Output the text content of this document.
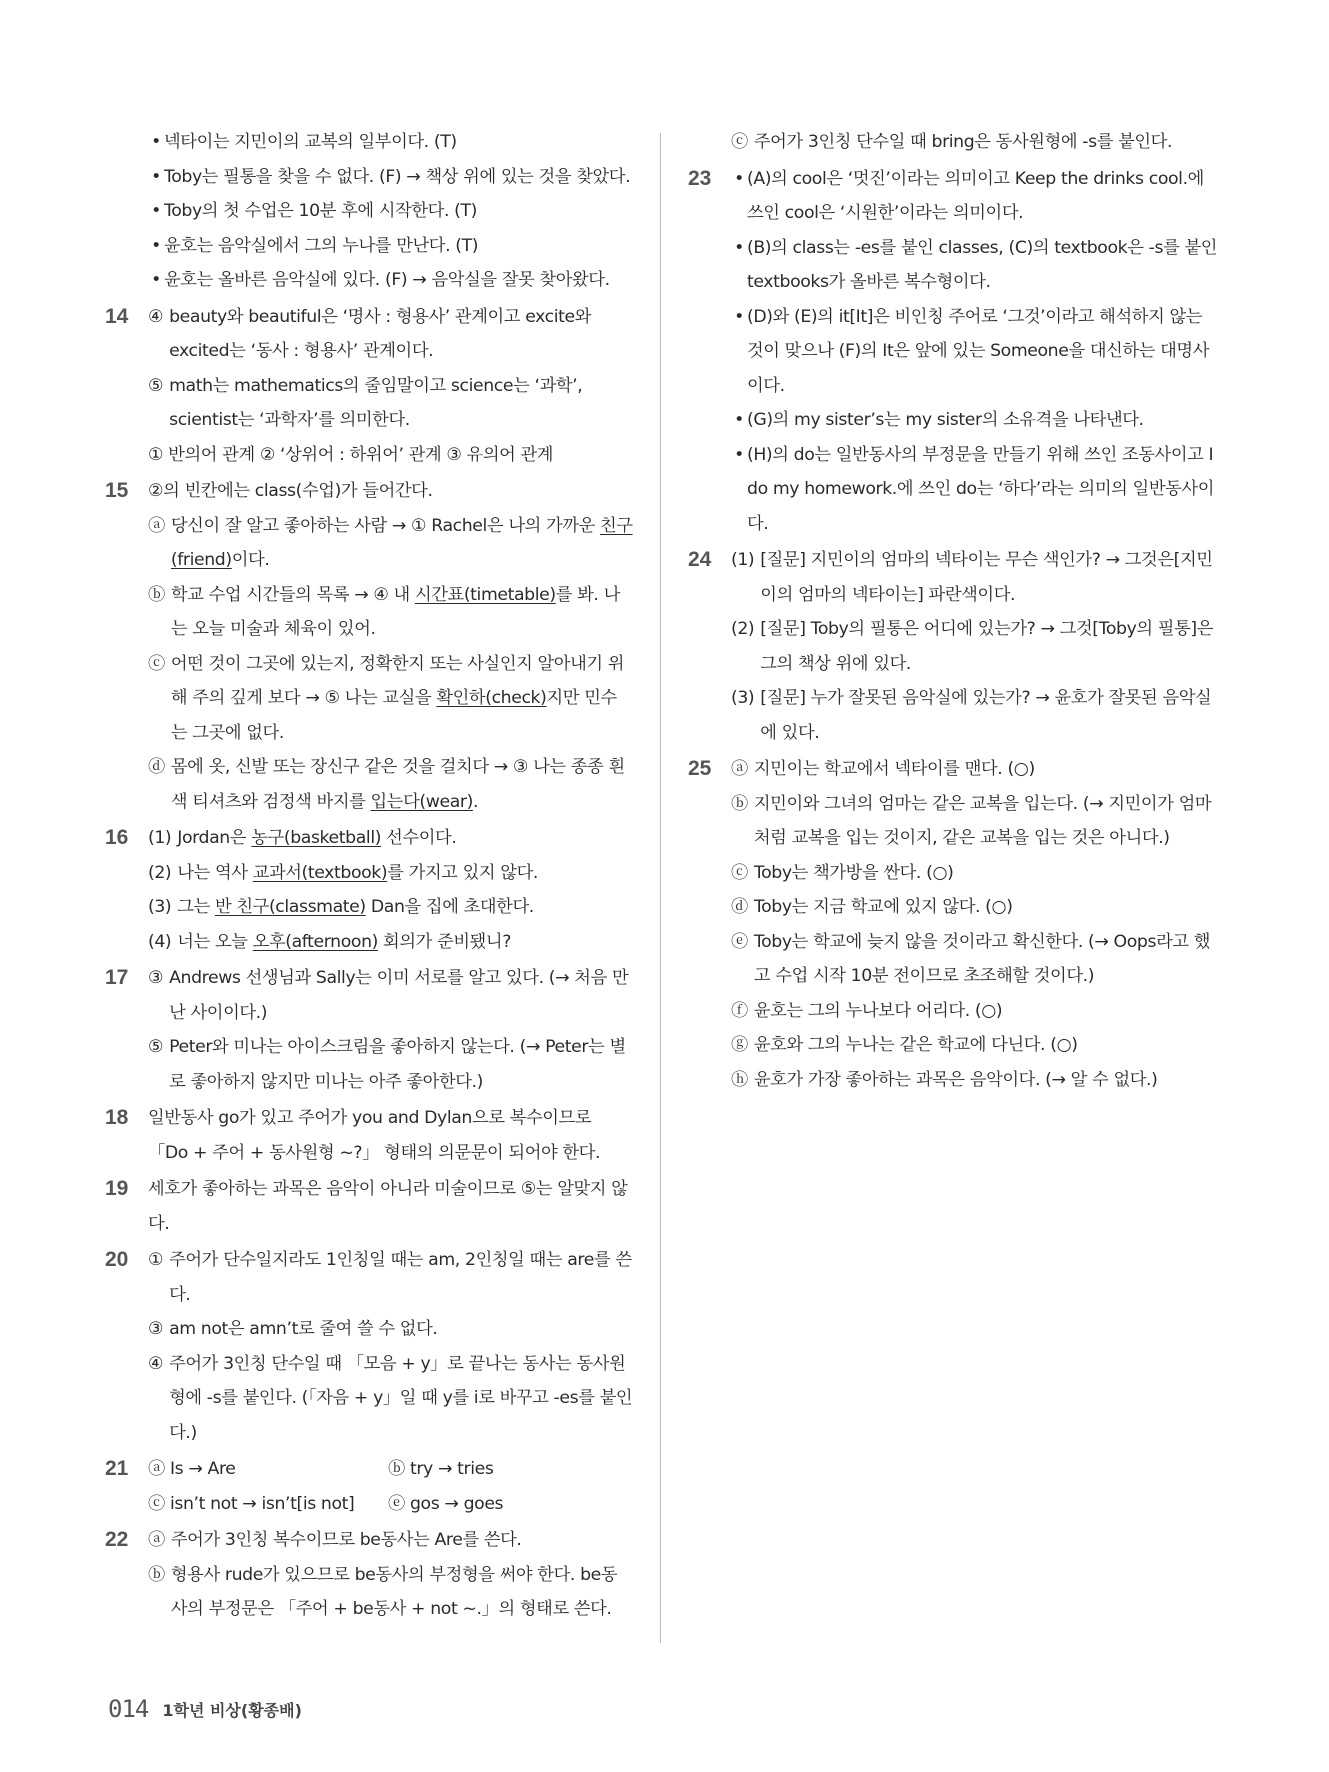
• 넥타이는 지민이의 교복의 일부이다. (T)
• Toby는 필통을 찾을 수 없다. (F) → 책상 위에 있는 것을 찾았다.
• Toby의 첫 수업은 10분 후에 시작한다. (T)
• 윤호는 음악실에서 그의 누나를 만난다. (T)
• 윤호는 올바른 음악실에 있다. (F) → 음악실을 잘못 찾아왔다.
14	④ beauty와 beautiful은 ‘명사 : 형용사’ 관계이고 excite와 excited는 ‘동사 : 형용사’ 관계이다.
⑤ math는 mathematics의 줄임말이고 science는 ‘과학’, scientist는 ‘과학자’를 의미한다.
① 반의어 관계 ② ‘상위어 : 하위어’ 관계 ③ 유의어 관계
15	②의 빈칸에는 class(수업)가 들어간다.
ⓐ 당신이 잘 알고 좋아하는 사람 → ① Rachel은 나의 가까운 친구(friend)이다.
ⓑ 학교 수업 시간들의 목록 → ④ 내 시간표(timetable)를 봐. 나는 오늘 미술과 체육이 있어.
ⓒ 어떤 것이 그곳에 있는지, 정확한지 또는 사실인지 알아내기 위해 주의 깊게 보다 → ⑤ 나는 교실을 확인하(check)지만 민수는 그곳에 없다.
ⓓ 몸에 옷, 신발 또는 장신구 같은 것을 걸치다 → ③ 나는 종종 흰색 티셔츠와 검정색 바지를 입는다(wear).
16	(1) Jordan은 농구(basketball) 선수이다.
(2) 나는 역사 교과서(textbook)를 가지고 있지 않다.
(3) 그는 반 친구(classmate) Dan을 집에 초대한다.
(4) 너는 오늘 오후(afternoon) 회의가 준비됐니?
17	③ Andrews 선생님과 Sally는 이미 서로를 알고 있다. (→ 처음 만난 사이이다.)
⑤ Peter와 미나는 아이스크림을 좋아하지 않는다. (→ Peter는 별로 좋아하지 않지만 미나는 아주 좋아한다.)
18	일반동사 go가 있고 주어가 you and Dylan으로 복수이므로 「Do + 주어 + 동사원형 ~?」 형태의 의문문이 되어야 한다.
19	세호가 좋아하는 과목은 음악이 아니라 미술이므로 ⑤는 알맞지 않다.
20	① 주어가 단수일지라도 1인칭일 때는 am, 2인칭일 때는 are를 쓴다.
③ am not은 amn’t로 줄여 쓸 수 없다.
④ 주어가 3인칭 단수일 때 「모음 + y」로 끝나는 동사는 동사원형에 -s를 붙인다. (「자음 + y」일 때 y를 i로 바꾸고 -es를 붙인다.)
21	ⓐ Is → Are	ⓑ try → tries
ⓒ isn’t not → isn’t[is not]	ⓔ gos → goes
22	ⓐ 주어가 3인칭 복수이므로 be동사는 Are를 쓴다.
ⓑ 형용사 rude가 있으므로 be동사의 부정형을 써야 한다. be동사의 부정문은 「주어 + be동사 + not ~.」의 형태로 쓴다.
ⓒ 주어가 3인칭 단수일 때 bring은 동사원형에 -s를 붙인다.
23	• (A)의 cool은 ‘멋진’이라는 의미이고 Keep the drinks cool.에 쓰인 cool은 ‘시원한’이라는 의미이다.
• (B)의 class는 -es를 붙인 classes, (C)의 textbook은 -s를 붙인 textbooks가 올바른 복수형이다.
• (D)와 (E)의 it[It]은 비인칭 주어로 ‘그것’이라고 해석하지 않는 것이 맞으나 (F)의 It은 앞에 있는 Someone을 대신하는 대명사이다.
• (G)의 my sister’s는 my sister의 소유격을 나타낸다.
• (H)의 do는 일반동사의 부정문을 만들기 위해 쓰인 조동사이고 I do my homework.에 쓰인 do는 ‘하다’라는 의미의 일반동사이다.
24	(1) [질문] 지민이의 엄마의 넥타이는 무슨 색인가? → 그것은[지민이의 엄마의 넥타이는] 파란색이다.
(2) [질문] Toby의 필통은 어디에 있는가? → 그것[Toby의 필통]은 그의 책상 위에 있다.
(3) [질문] 누가 잘못된 음악실에 있는가? → 윤호가 잘못된 음악실에 있다.
25	ⓐ 지민이는 학교에서 넥타이를 맨다. (○)
ⓑ 지민이와 그녀의 엄마는 같은 교복을 입는다. (→ 지민이가 엄마처럼 교복을 입는 것이지, 같은 교복을 입는 것은 아니다.)
ⓒ Toby는 책가방을 싼다. (○)
ⓓ Toby는 지금 학교에 있지 않다. (○)
ⓔ Toby는 학교에 늦지 않을 것이라고 확신한다. (→ Oops라고 했고 수업 시작 10분 전이므로 초조해할 것이다.)
ⓕ 윤호는 그의 누나보다 어리다. (○)
ⓖ 윤호와 그의 누나는 같은 학교에 다닌다. (○)
ⓗ 윤호가 가장 좋아하는 과목은 음악이다. (→ 알 수 없다.)
014 1학년 비상(황종배)
